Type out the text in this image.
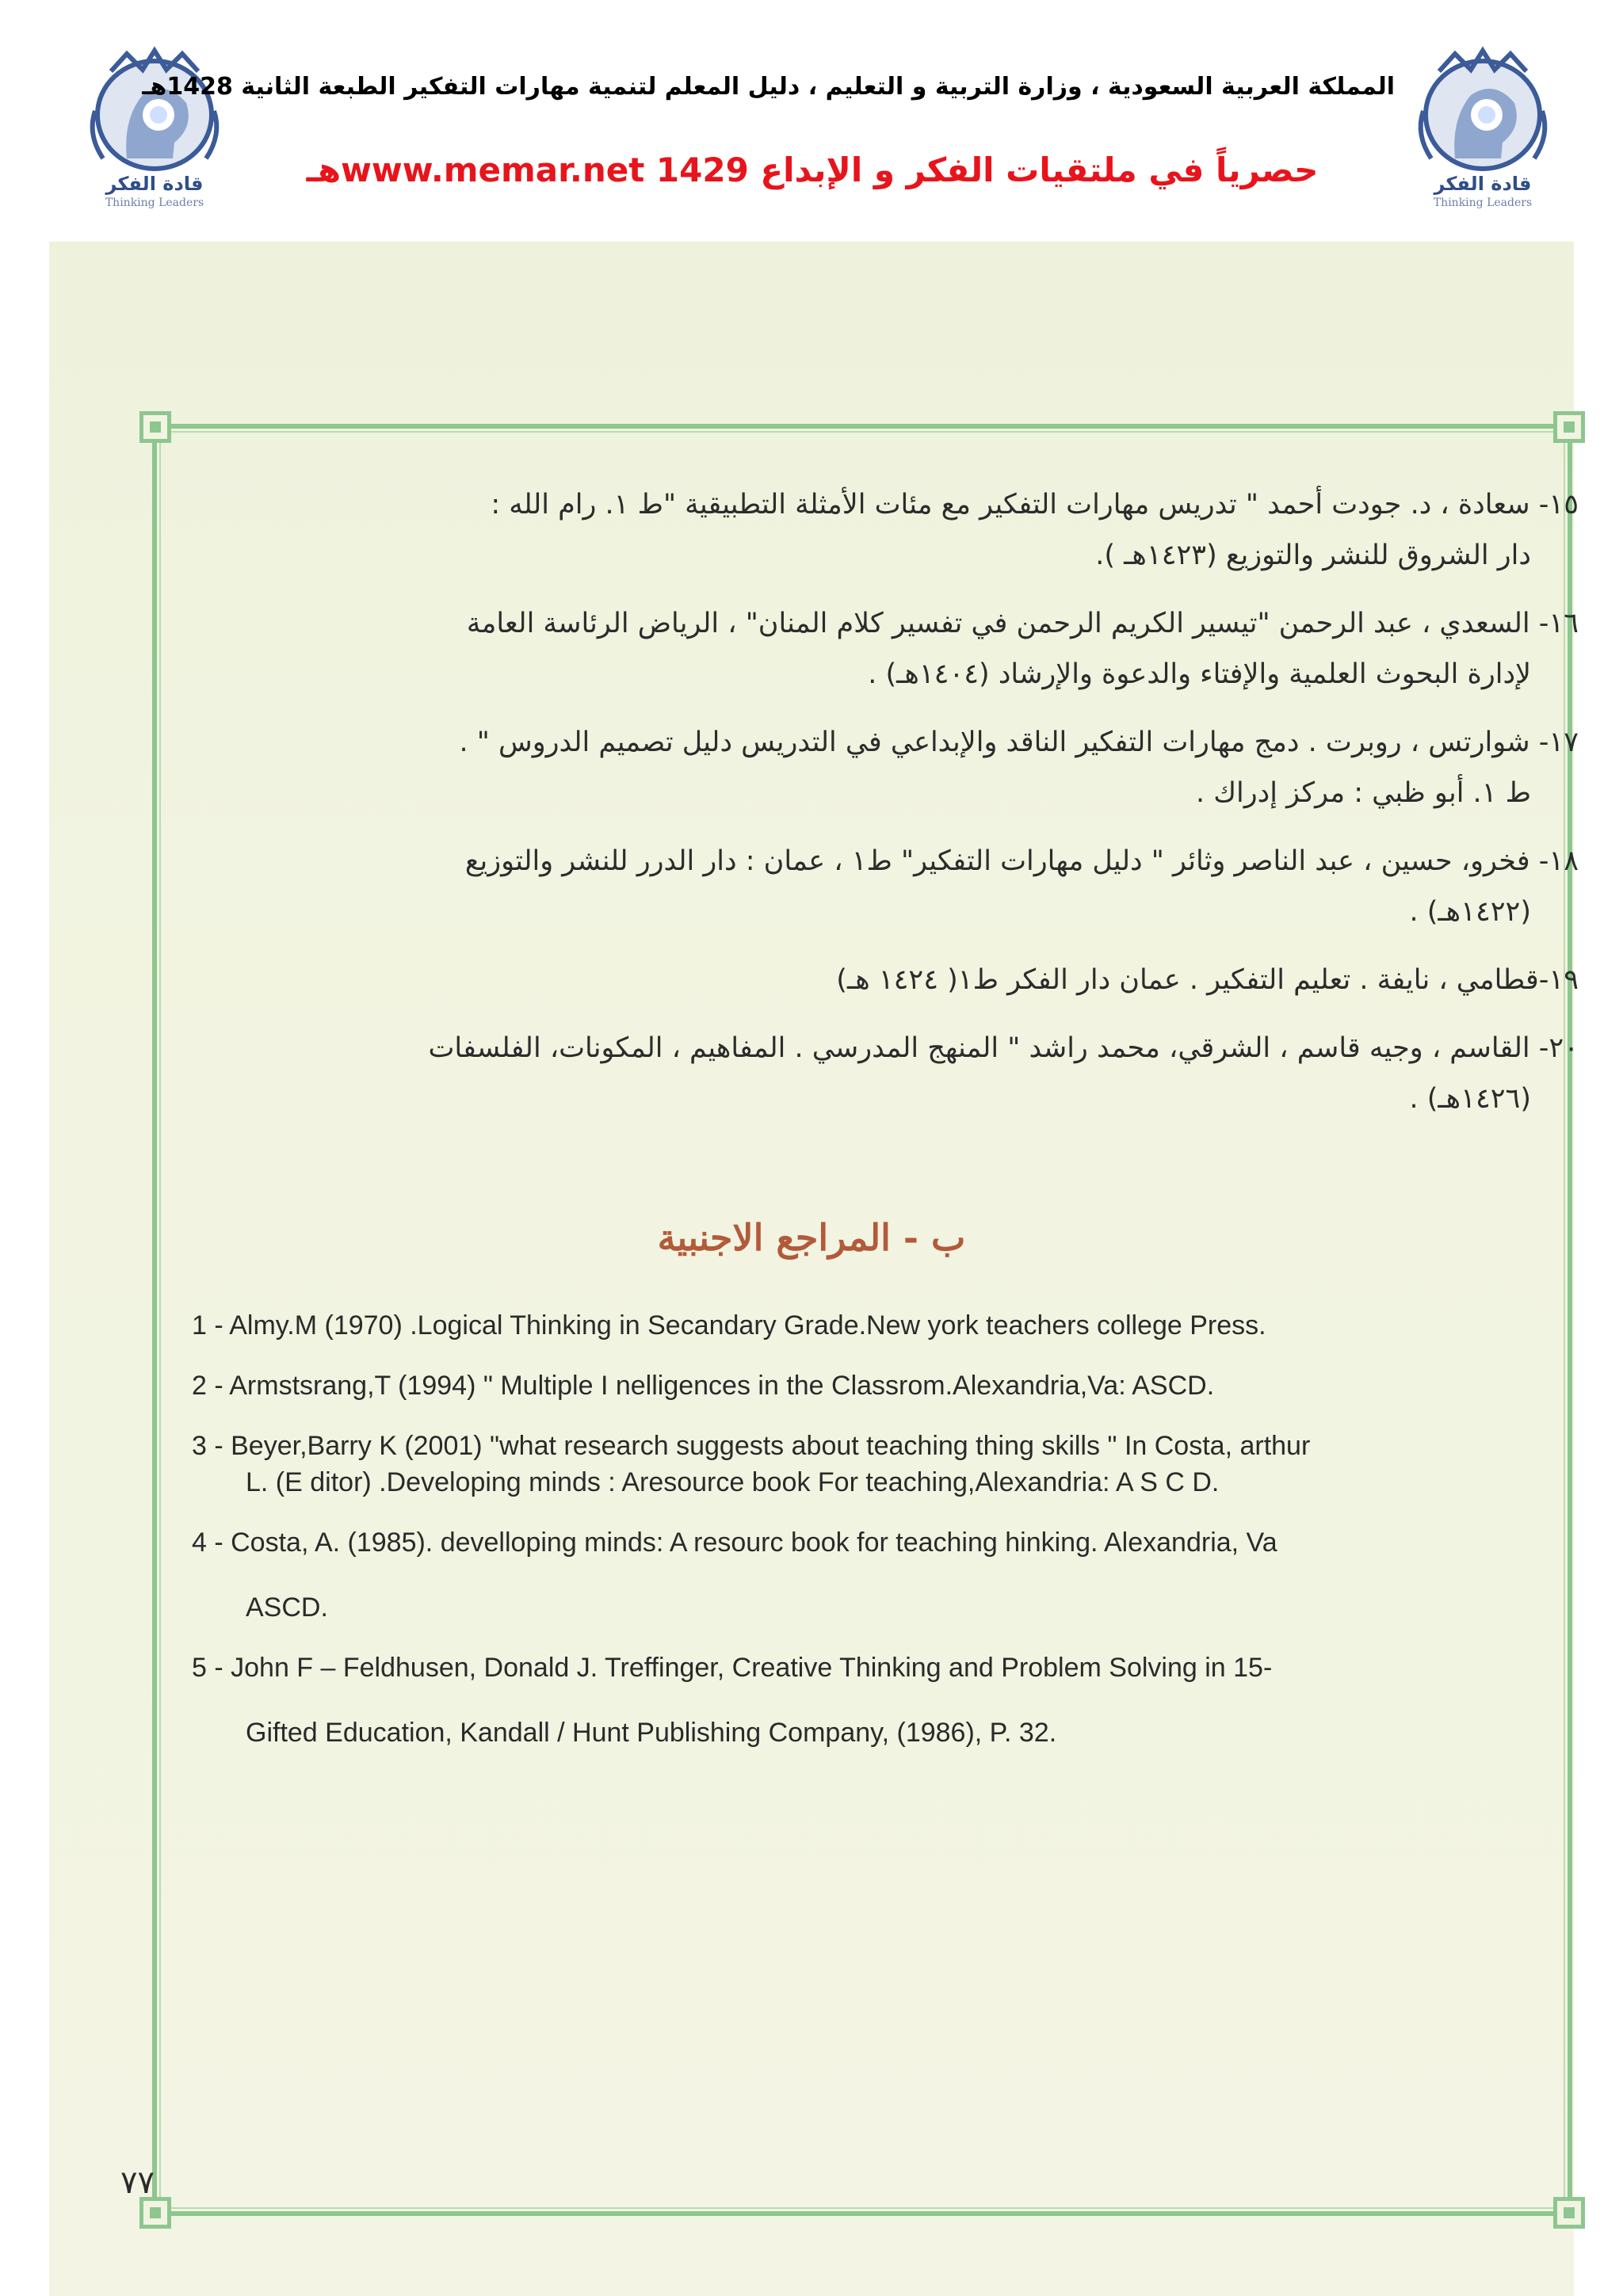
قادة الفكر
Thinking Leaders
المملكة العربية السعودية ، وزارة التربية و التعليم ، دليل المعلم لتنمية مهارات التفكير الطبعة الثانية 1428هـ
حصرياً في ملتقيات الفكر و الإبداع www.memar.net 1429هـ	قادة الفكر
Thinking Leaders

١٥- سعادة ، د. جودت أحمد " تدريس مهارات التفكير مع مئات الأمثلة التطبيقية "ط ١. رام الله :
دار الشروق للنشر والتوزيع (١٤٢٣هـ ).

١٦- السعدي ، عبد الرحمن "تيسير الكريم الرحمن في تفسير كلام المنان" ، الرياض الرئاسة العامة
لإدارة البحوث العلمية والإفتاء والدعوة والإرشاد (١٤٠٤هـ) .

١٧- شوارتس ، روبرت . دمج مهارات التفكير الناقد والإبداعي في التدريس دليل تصميم الدروس " .
ط ١. أبو ظبي : مركز إدراك .

١٨- فخرو، حسين ، عبد الناصر وثائر " دليل مهارات التفكير" ط١ ، عمان : دار الدرر للنشر والتوزيع
(١٤٢٢هـ) .

١٩-قطامي ، نايفة . تعليم التفكير . عمان دار الفكر ط١( ١٤٢٤ هـ)

٢٠- القاسم ، وجيه قاسم ، الشرقي، محمد راشد " المنهج المدرسي . المفاهيم ، المكونات، الفلسفات
(١٤٢٦هـ) .

ب - المراجع الاجنبية

1 - Almy.M (1970) .Logical Thinking in Secandary Grade.New york teachers college Press.

2 - Armstsrang,T (1994) " Multiple I nelligences in the Classrom.Alexandria,Va: ASCD.

3 - Beyer,Barry K (2001) "what research suggests about teaching thing skills " In Costa, arthur
L. (E ditor) .Developing minds : Aresource book For teaching,Alexandria: A S C D.

4 - Costa, A. (1985). develloping minds: A resourc book for teaching hinking. Alexandria, Va
ASCD.

5 - John F – Feldhusen, Donald J. Treffinger, Creative Thinking and Problem Solving in 15-
Gifted Education, Kandall / Hunt Publishing Company, (1986), P. 32.

٧٧
